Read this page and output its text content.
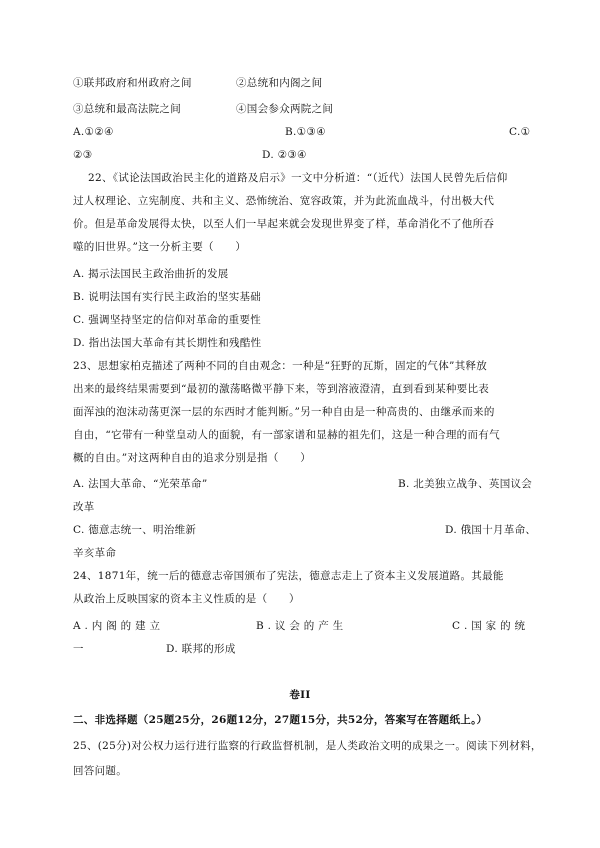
①联邦政府和州政府之间	②总统和内阁之间
③总统和最高法院之间	④国会参众两院之间
A.①②④	B.①③④	C.①
②③	D. ②③④
22、《试论法国政治民主化的道路及启示》一文中分析道：“（近代）法国人民曾先后信仰
过人权理论、立宪制度、共和主义、恐怖统治、宽容政策，并为此流血战斗，付出极大代
价。但是革命发展得太快，以至人们一早起来就会发现世界变了样，革命消化不了他所吞
噬的旧世界。”这一分析主要（　　）
A. 揭示法国民主政治曲折的发展
B. 说明法国有实行民主政治的坚实基础
C. 强调坚持坚定的信仰对革命的重要性
D. 指出法国大革命有其长期性和残酷性
23、思想家柏克描述了两种不同的自由观念：一种是“狂野的瓦斯，固定的气体”其释放
出来的最终结果需要到“最初的激荡略微平静下来，等到溶液澄清，直到看到某种要比表
面浑浊的泡沫动荡更深一层的东西时才能判断。”另一种自由是一种高贵的、由继承而来的
自由，“它带有一种堂皇动人的面貌，有一部家谱和显赫的祖先们，这是一种合理的而有气
概的自由。”对这两种自由的追求分别是指（　　）
A. 法国大革命、“光荣革命”	B. 北美独立战争、英国议会
改革
C. 德意志统一、明治维新	D. 俄国十月革命、
辛亥革命
24、1871年，统一后的德意志帝国颁布了宪法，德意志走上了资本主义发展道路。其最能
从政治上反映国家的资本主义性质的是（　　）
A . 内 阁 的 建 立	B . 议 会 的 产 生	C . 国 家 的 统
一	D. 联邦的形成
卷II
二、非选择题（25题25分，26题12分，27题15分，共52分，答案写在答题纸上。）
25、(25分)对公权力运行进行监察的行政监督机制，是人类政治文明的成果之一。阅读下列材料，
回答问题。
